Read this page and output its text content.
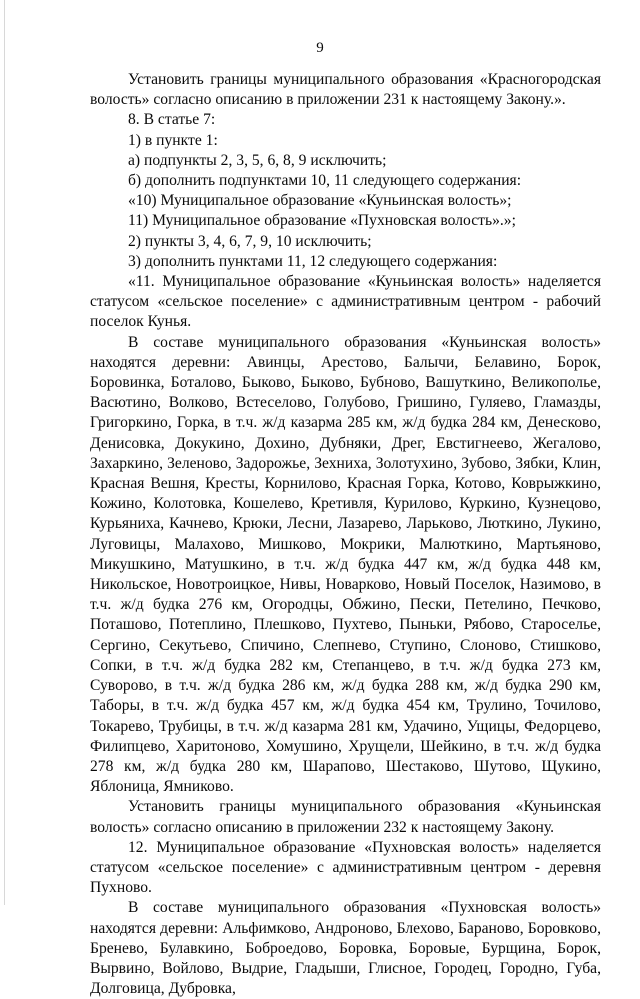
9

Установить границы муниципального образования «Красногородская волость» согласно описанию в приложении 231 к настоящему Закону.».

8. В статье 7:

1) в пункте 1:

а) подпункты 2, 3, 5, 6, 8, 9 исключить;

б) дополнить подпунктами 10, 11 следующего содержания:

«10) Муниципальное образование «Куньинская волость»;

11) Муниципальное образование «Пухновская волость».»;

2) пункты 3, 4, 6, 7, 9, 10 исключить;

3) дополнить пунктами 11, 12 следующего содержания:

«11. Муниципальное образование «Куньинская волость» наделяется статусом «сельское поселение» с административным центром - рабочий поселок Кунья.

В составе муниципального образования «Куньинская волость» находятся деревни: Авинцы, Арестово, Балычи, Белавино, Борок, Боровинка, Боталово, Быково, Быково, Бубново, Вашуткино, Великополье, Васютино, Волково, Встеселово, Голубово, Гришино, Гуляево, Гламазды, Григоркино, Горка, в т.ч. ж/д казарма 285 км, ж/д будка 284 км, Денесково, Денисовка, Докукино, Дохино, Дубняки, Дрег, Евстигнеево, Жегалово, Захаркино, Зеленово, Задорожье, Зехниха, Золотухино, Зубово, Зябки, Клин, Красная Вешня, Кресты, Корнилово, Красная Горка, Котово, Коврыжкино, Кожино, Колотовка, Кошелево, Кретивля, Курилово, Куркино, Кузнецово, Курьяниха, Качнево, Крюки, Лесни, Лазарево, Ларьково, Люткино, Лукино, Луговицы, Малахово, Мишково, Мокрики, Малюткино, Мартьяново, Микушкино, Матушкино, в т.ч. ж/д будка 447 км, ж/д будка 448 км, Никольское, Новотроицкое, Нивы, Новарково, Новый Поселок, Назимово, в т.ч. ж/д будка 276 км, Огородцы, Обжино, Пески, Петелино, Печково, Поташово, Потеплино, Плешково, Пухтево, Пыньки, Рябово, Староселье, Сергино, Секутьево, Спичино, Слепнево, Ступино, Слоново, Стишково, Сопки, в т.ч. ж/д будка 282 км, Степанцево, в т.ч. ж/д будка 273 км, Суворово, в т.ч. ж/д будка 286 км, ж/д будка 288 км, ж/д будка 290 км, Таборы, в т.ч. ж/д будка 457 км, ж/д будка 454 км, Трулино, Точилово, Токарево, Трубицы, в т.ч. ж/д казарма 281 км, Удачино, Ущицы, Федорцево, Филипцево, Харитоново, Хомушино, Хрущели, Шейкино, в т.ч. ж/д будка 278 км, ж/д будка 280 км, Шарапово, Шестаково, Шутово, Щукино, Яблоница, Ямниково.

Установить границы муниципального образования «Куньинская волость» согласно описанию в приложении 232 к настоящему Закону.

12. Муниципальное образование «Пухновская волость» наделяется статусом «сельское поселение» с административным центром - деревня Пухново.

В составе муниципального образования «Пухновская волость» находятся деревни: Альфимково, Андроново, Блехово, Бараново, Боровково, Бренево, Булавкино, Боброедово, Боровка, Боровые, Бурщина, Борок, Вырвино, Войлово, Выдрие, Гладыши, Глисное, Городец, Городно, Губа, Долговица, Дубровка,
